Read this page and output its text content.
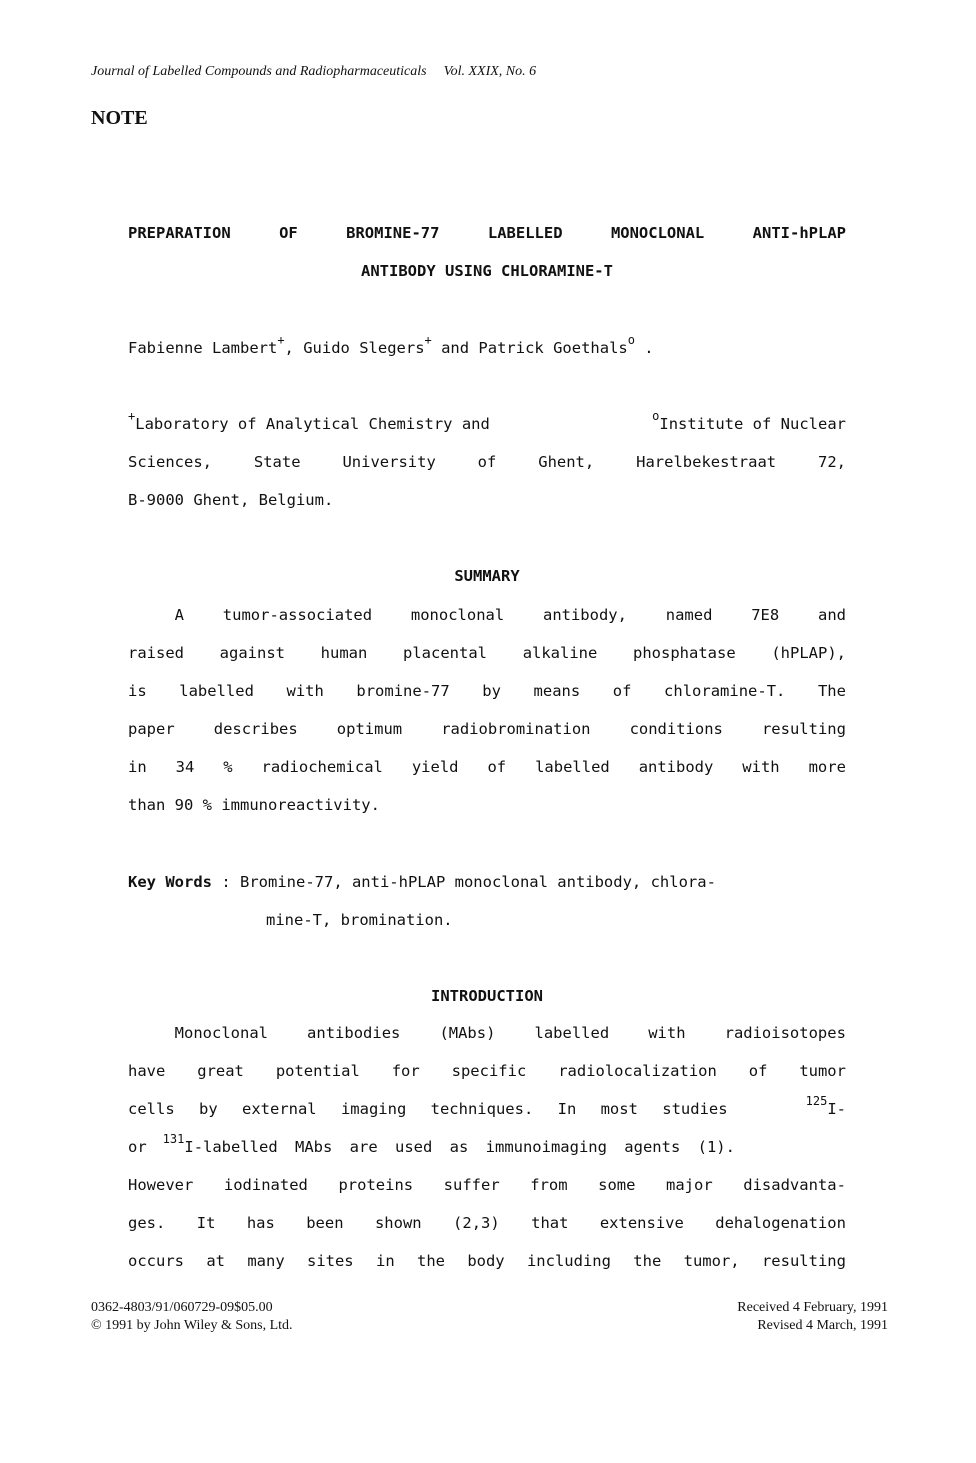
Journal of Labelled Compounds and Radiopharmaceuticals Vol. XXIX, No. 6
NOTE
PREPARATION	OF	BROMINE-77	LABELLED	MONOCLONAL	ANTI-hPLAP
ANTIBODY USING CHLORAMINE-T
Fabienne Lambert+, Guido Slegers+ and Patrick Goethals$^o$ .
+Laboratory of Analytical Chemistry and	$^o$Institute of Nuclear
Sciences,	State	University	of	Ghent,	Harelbekestraat	72,
B-9000 Ghent, Belgium.
SUMMARY
A	tumor-associated	monoclonal	antibody,	named	7E8	and
raised against human placental alkaline phosphatase (hPLAP),
is labelled with bromine-77 by means of chloramine-T. The
paper	describes	optimum	radiobromination	conditions	resulting
in 34 % radiochemical yield of labelled antibody with more
than 90 % immunoreactivity.
Key Words : Bromine-77, anti-hPLAP monoclonal antibody, chlora-
mine-T, bromination.
INTRODUCTION
Monoclonal	antibodies	(MAbs)	labelled	with	radioisotopes
have great potential for specific radiolocalization of tumor
cells by external imaging techniques. In most studies	$^{125}$I-
or $^{131}$I-labelled MAbs are used as immunoimaging agents (1).
However iodinated proteins suffer from some major disadvanta-
ges. It has been shown (2,3) that extensive dehalogenation
occurs at many sites in the body including the tumor, resulting
0362-4803/91/060729-09$05.00
© 1991 by John Wiley & Sons, Ltd.
Received 4 February, 1991
Revised 4 March, 1991
